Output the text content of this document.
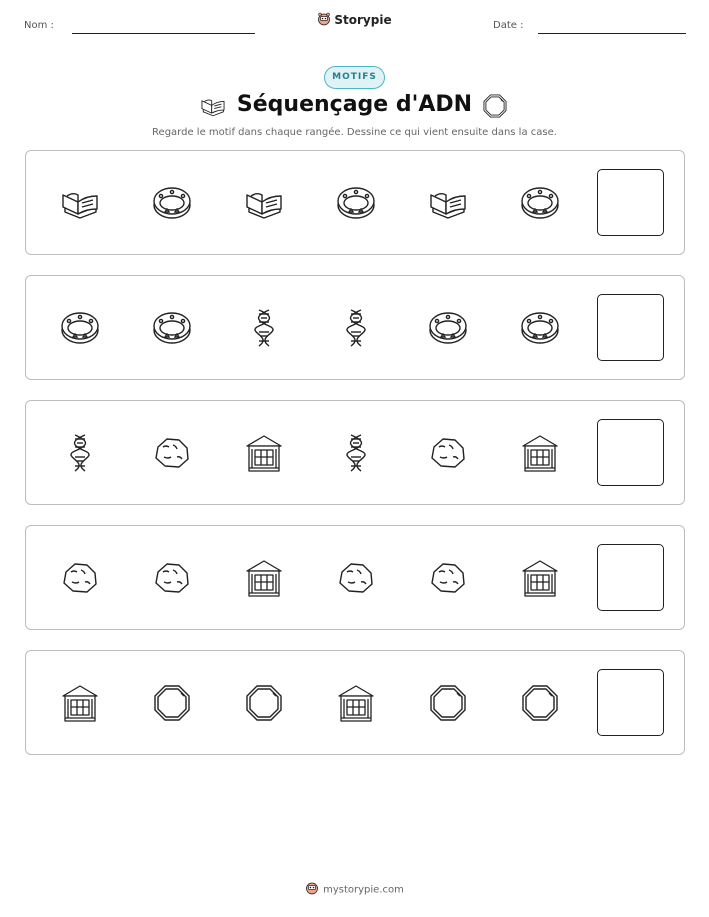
Nom :	Storypie	Date :
MOTIFS
Séquençage d'ADN
Regarde le motif dans chaque rangée. Dessine ce qui vient ensuite dans la case.
mystorypie.com
